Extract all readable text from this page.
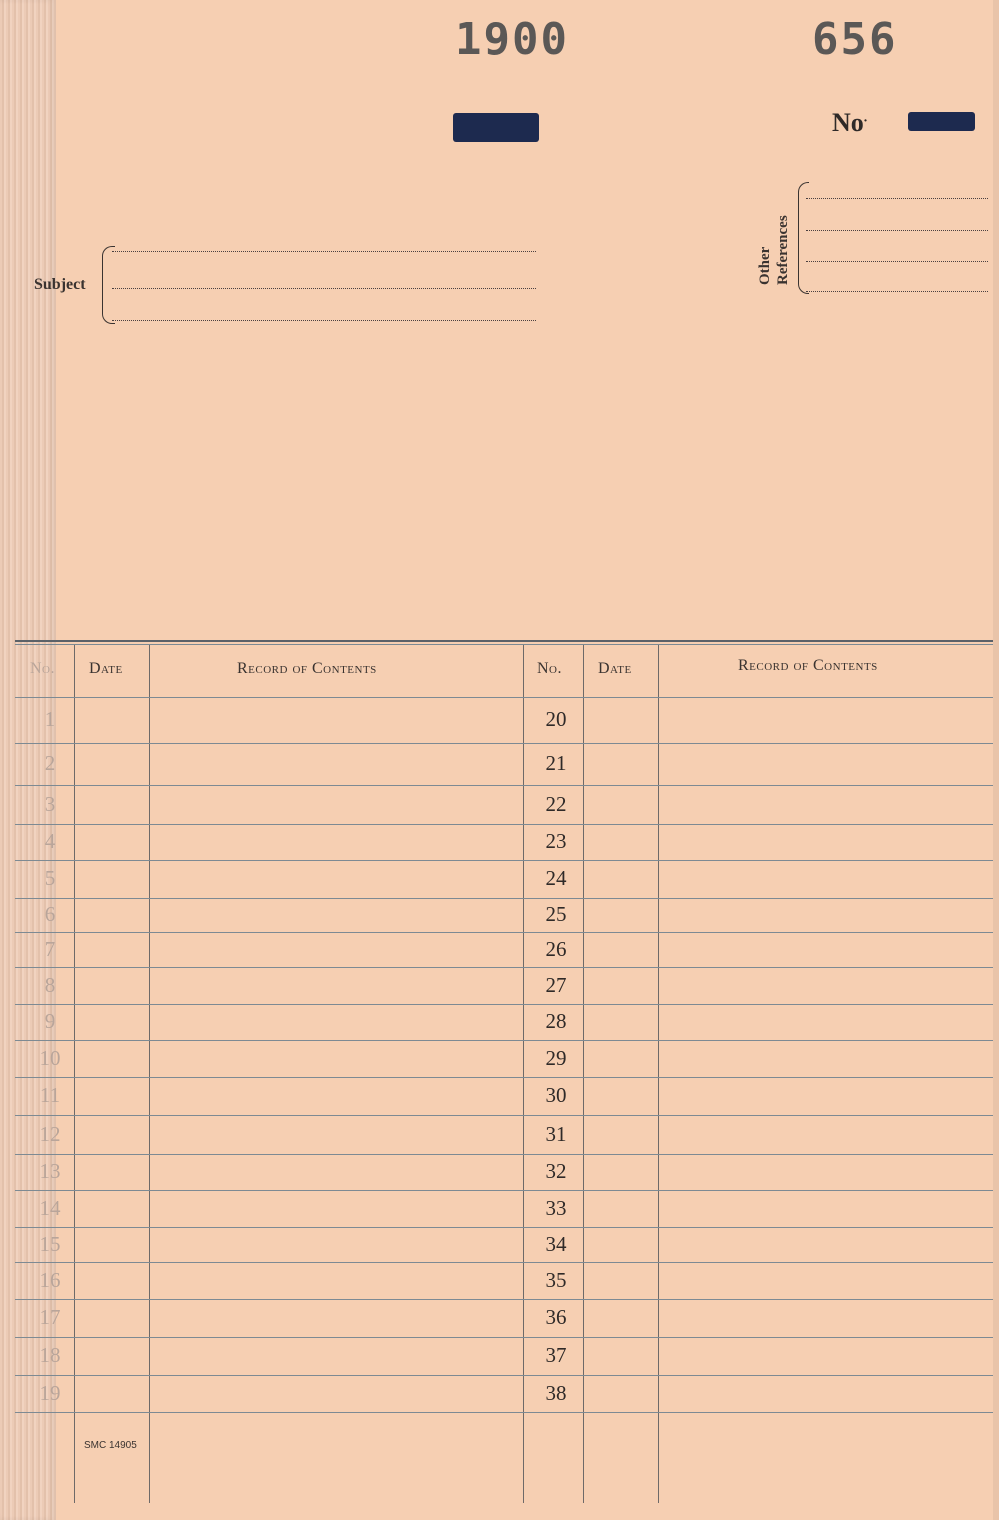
1900	656
No.
Subject	Other References
No. Date	Record of Contents	No. Date	Record of Contents
1	20
2	21
3	22
4	23
5	24
6	25
7	26
8	27
9	28
10	29
11	30
12	31
13	32
14	33
15	34
16	35
17	36
18	37
19	38
SMC 14905
